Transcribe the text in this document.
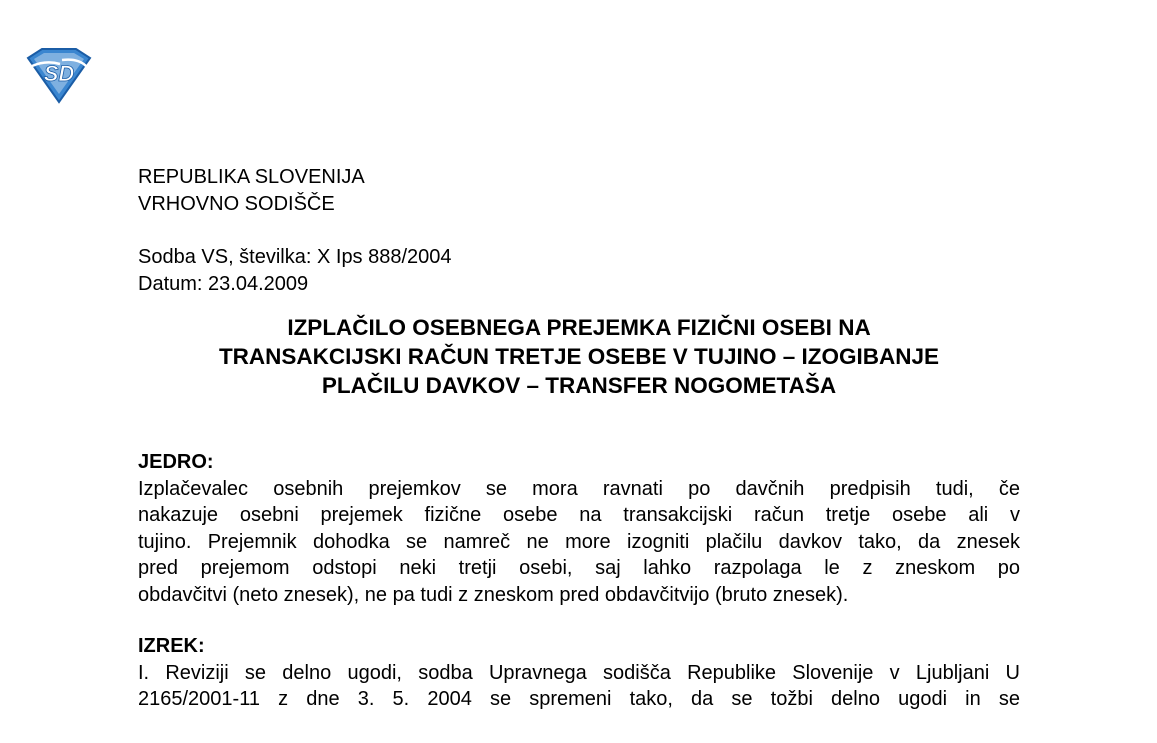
SD
REPUBLIKA SLOVENIJA
VRHOVNO SODIŠČE
Sodba VS, številka: X Ips 888/2004
Datum: 23.04.2009
IZPLAČILO OSEBNEGA PREJEMKA FIZIČNI OSEBI NA
TRANSAKCIJSKI RAČUN TRETJE OSEBE V TUJINO – IZOGIBANJE
PLAČILU DAVKOV – TRANSFER NOGOMETAŠA
JEDRO:
Izplačevalec osebnih prejemkov se mora ravnati po davčnih predpisih tudi, če
nakazuje osebni prejemek fizične osebe na transakcijski račun tretje osebe ali v
tujino. Prejemnik dohodka se namreč ne more izogniti plačilu davkov tako, da znesek
pred prejemom odstopi neki tretji osebi, saj lahko razpolaga le z zneskom po
obdavčitvi (neto znesek), ne pa tudi z zneskom pred obdavčitvijo (bruto znesek).
IZREK:
I. Reviziji se delno ugodi, sodba Upravnega sodišča Republike Slovenije v Ljubljani U
2165/2001-11 z dne 3. 5. 2004 se spremeni tako, da se tožbi delno ugodi in se
